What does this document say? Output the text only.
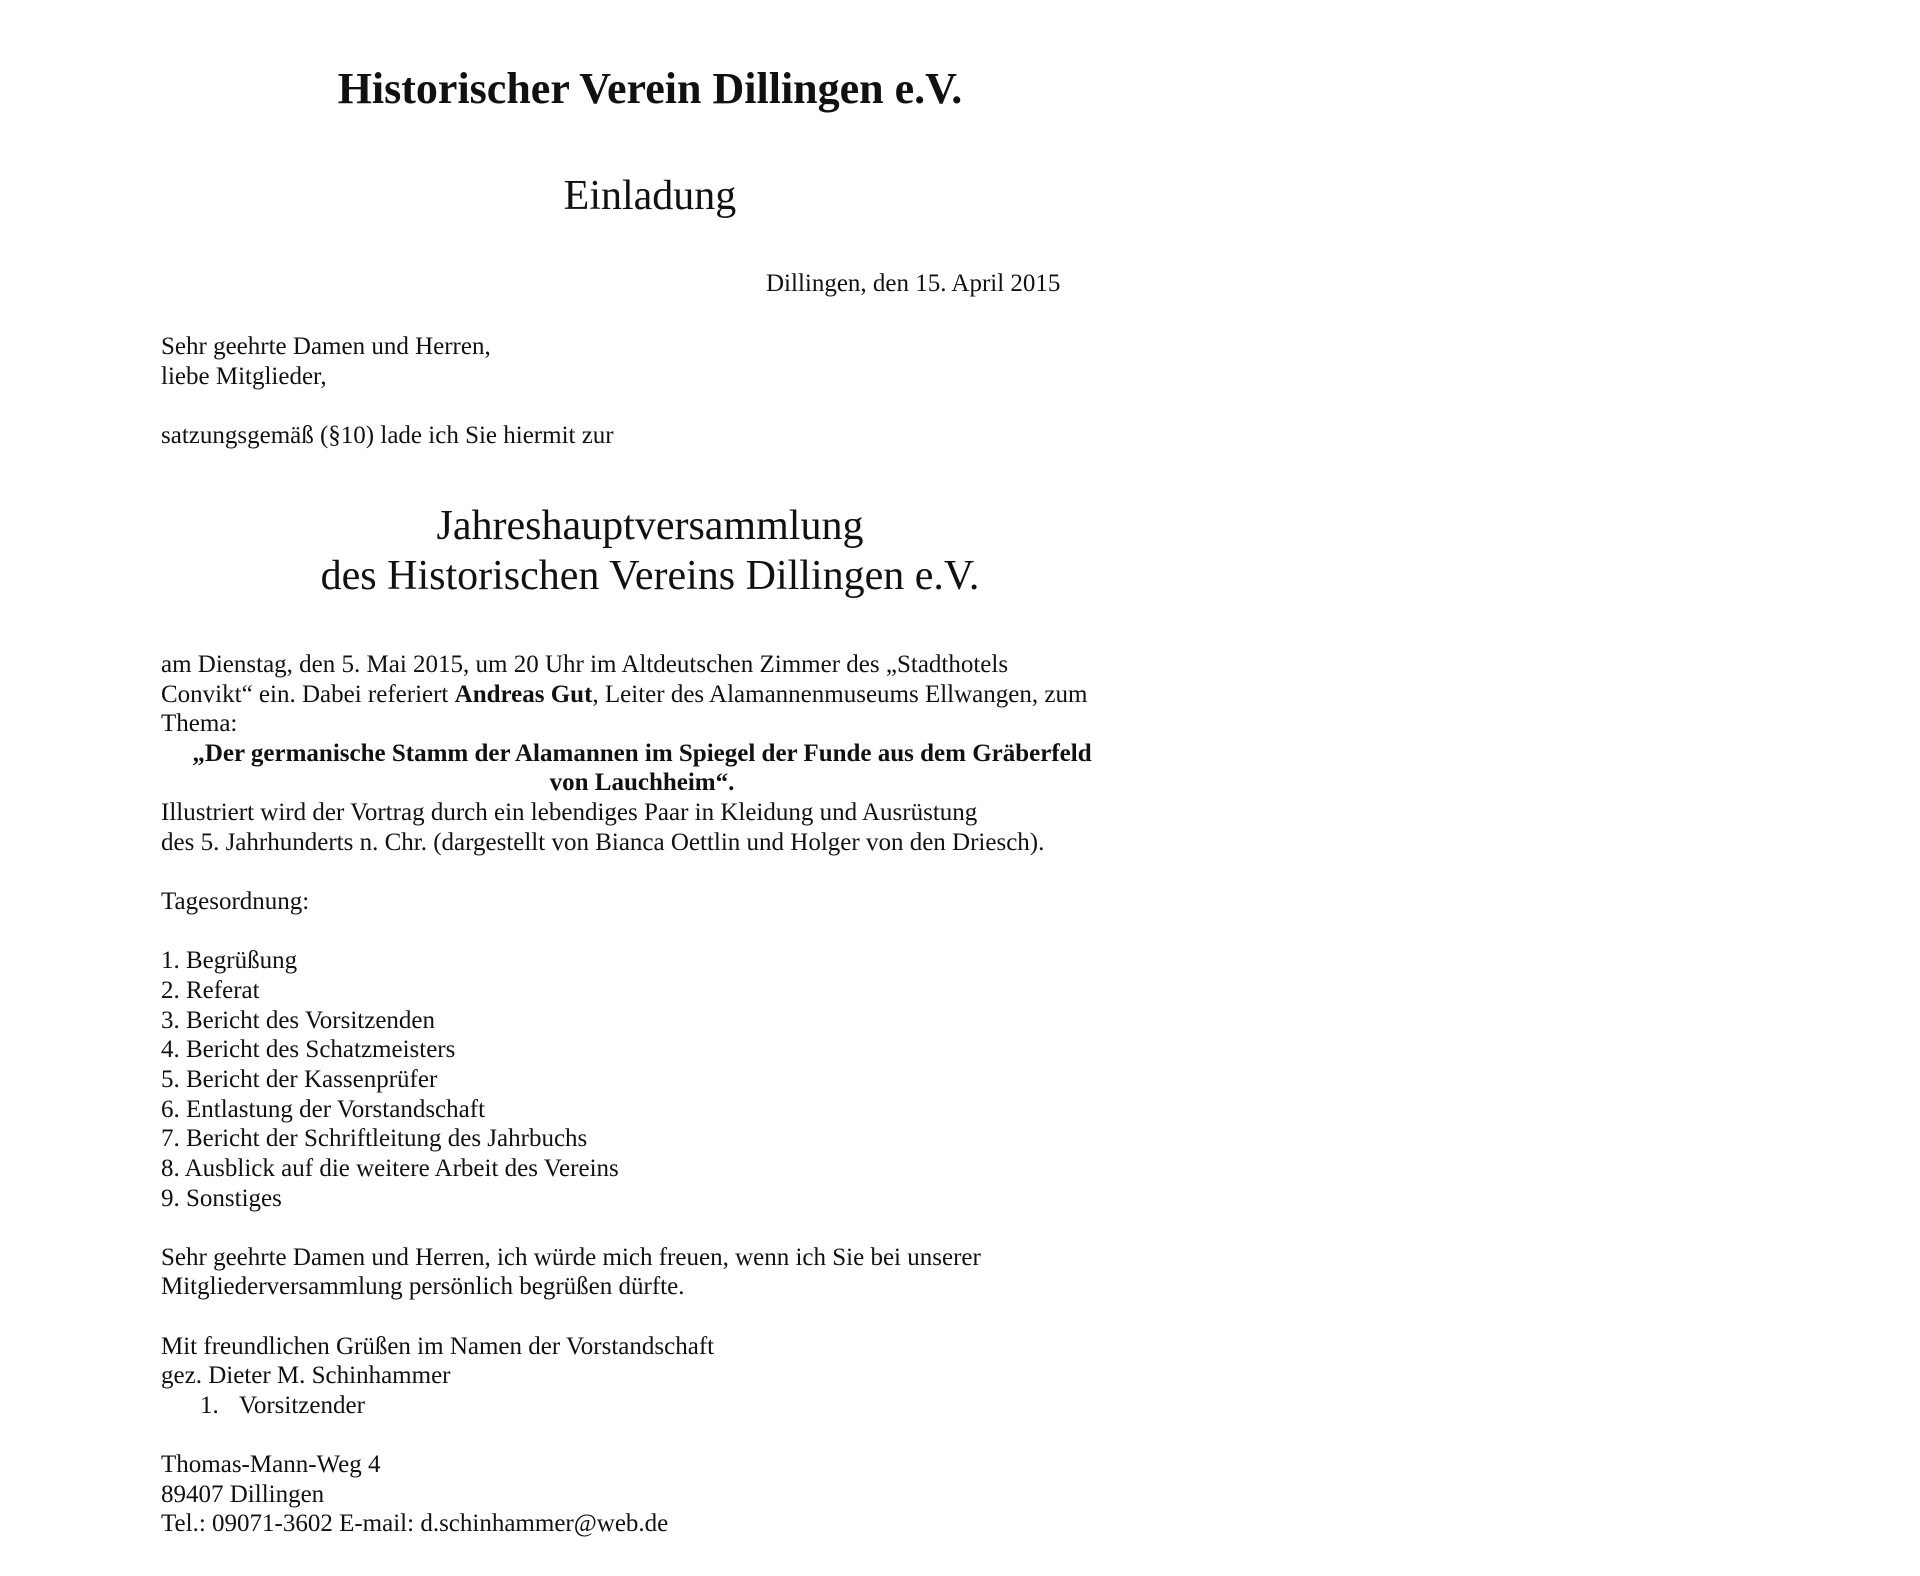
Historischer Verein Dillingen e.V.
Einladung
Dillingen, den 15. April 2015
Sehr geehrte Damen und Herren,
liebe Mitglieder,
satzungsgemäß (§10) lade ich Sie hiermit zur
Jahreshauptversammlung
des Historischen Vereins Dillingen e.V.
am Dienstag, den 5. Mai 2015, um 20 Uhr im Altdeutschen Zimmer des „Stadthotels
Convikt“ ein. Dabei referiert Andreas Gut, Leiter des Alamannenmuseums Ellwangen, zum
Thema:
„Der germanische Stamm der Alamannen im Spiegel der Funde aus dem Gräberfeld
von Lauchheim“.
Illustriert wird der Vortrag durch ein lebendiges Paar in Kleidung und Ausrüstung
des 5. Jahrhunderts n. Chr. (dargestellt von Bianca Oettlin und Holger von den Driesch).
Tagesordnung:
1. Begrüßung
2. Referat
3. Bericht des Vorsitzenden
4. Bericht des Schatzmeisters
5. Bericht der Kassenprüfer
6. Entlastung der Vorstandschaft
7. Bericht der Schriftleitung des Jahrbuchs
8. Ausblick auf die weitere Arbeit des Vereins
9. Sonstiges
Sehr geehrte Damen und Herren, ich würde mich freuen, wenn ich Sie bei unserer
Mitgliederversammlung persönlich begrüßen dürfte.
Mit freundlichen Grüßen im Namen der Vorstandschaft
gez. Dieter M. Schinhammer
1. Vorsitzender
Thomas-Mann-Weg 4
89407 Dillingen
Tel.: 09071-3602 E-mail: d.schinhammer@web.de
